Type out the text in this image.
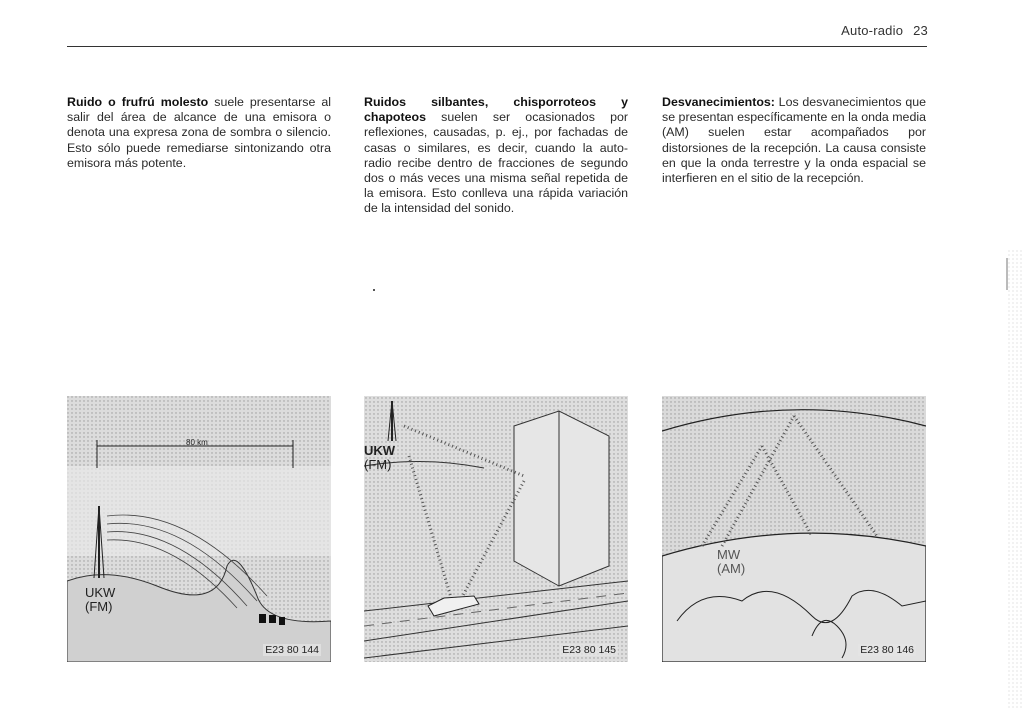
Auto-radio 23
Ruido o frufrú molesto suele presentarse al salir del área de alcance de una emisora o denota una expresa zona de sombra o silencio. Esto sólo puede remediarse sintonizando otra emisora más potente.
Ruidos silbantes, chisporroteos y chapoteos suelen ser ocasionados por reflexiones, causadas, p. ej., por fachadas de casas o similares, es decir, cuando la auto-radio recibe dentro de fracciones de segundo dos o más veces una misma señal repetida de la emisora. Esto conlleva una rápida variación de la intensidad del sonido.
Desvanecimientos: Los desvanecimientos que se presentan específicamente en la onda media (AM) suelen estar acompañados por distorsiones de la recepción. La causa consiste en que la onda terrestre y la onda espacial se interfieren en el sitio de la recepción.
80 km
UKW
(FM)
E23 80 144
UKW
(FM)
E23 80 145
MW
(AM)
E23 80 146
